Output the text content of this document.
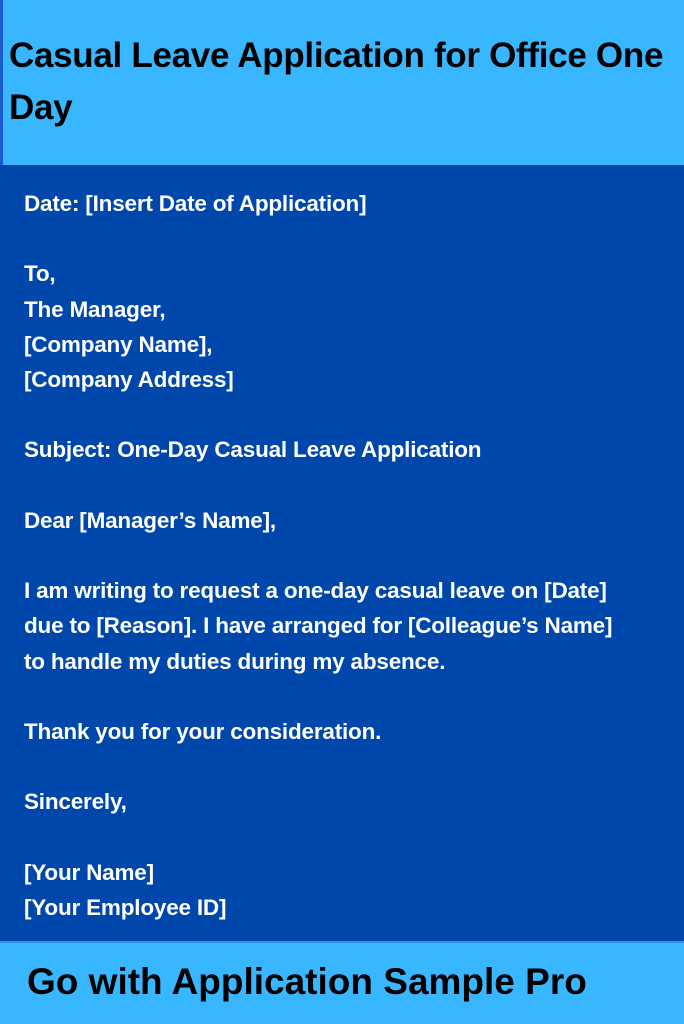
Casual Leave Application for Office One Day
Date: [Insert Date of Application]
To,
The Manager,
[Company Name],
[Company Address]
Subject: One-Day Casual Leave Application
Dear [Manager’s Name],
I am writing to request a one-day casual leave on [Date]
due to [Reason]. I have arranged for [Colleague’s Name]
to handle my duties during my absence.
Thank you for your consideration.
Sincerely,
[Your Name]
[Your Employee ID]
Go with Application Sample Pro
